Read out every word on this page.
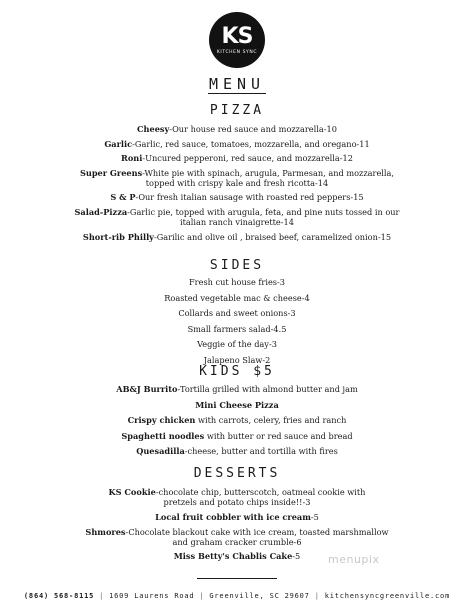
KS
KITCHEN SYNC
MENU
PIZZA

Cheesy-Our house red sauce and mozzarella-10

Garlic-Garlic, red sauce, tomatoes, mozzarella, and oregano-11

Roni-Uncured pepperoni, red sauce, and mozzarella-12

Super Greens-White pie with spinach, arugula, Parmesan, and mozzarella,
topped with crispy kale and fresh ricotta-14

S & P-Our fresh italian sausage with roasted red peppers-15

Salad-Pizza-Garlic pie, topped with arugula, feta, and pine nuts tossed in our
italian ranch vinaigrette-14

Short-rib Philly-Garilic and olive oil , braised beef, caramelized onion-15

SIDES

Fresh cut house fries-3

Roasted vegetable mac & cheese-4

Collards and sweet onions-3

Small farmers salad-4.5

Veggie of the day-3

Jalapeno Slaw-2

KIDS $5

AB&J Burrito-Tortilla grilled with almond butter and jam

Mini Cheese Pizza

Crispy chicken with carrots, celery, fries and ranch

Spaghetti noodles with butter or red sauce and bread

Quesadilla-cheese, butter and tortilla with fires

DESSERTS

KS Cookie-chocolate chip, butterscotch, oatmeal cookie with
pretzels and potato chips inside!!-3

Local fruit cobbler with ice cream-5

Shmores-Chocolate blackout cake with ice cream, toasted marshmallow
and graham cracker crumble-6

Miss Betty's Chablis Cake-5	menupix
(864) 568-8115 | 1609 Laurens Road | Greenville, SC 29607 | kitchensyncgreenville.com
